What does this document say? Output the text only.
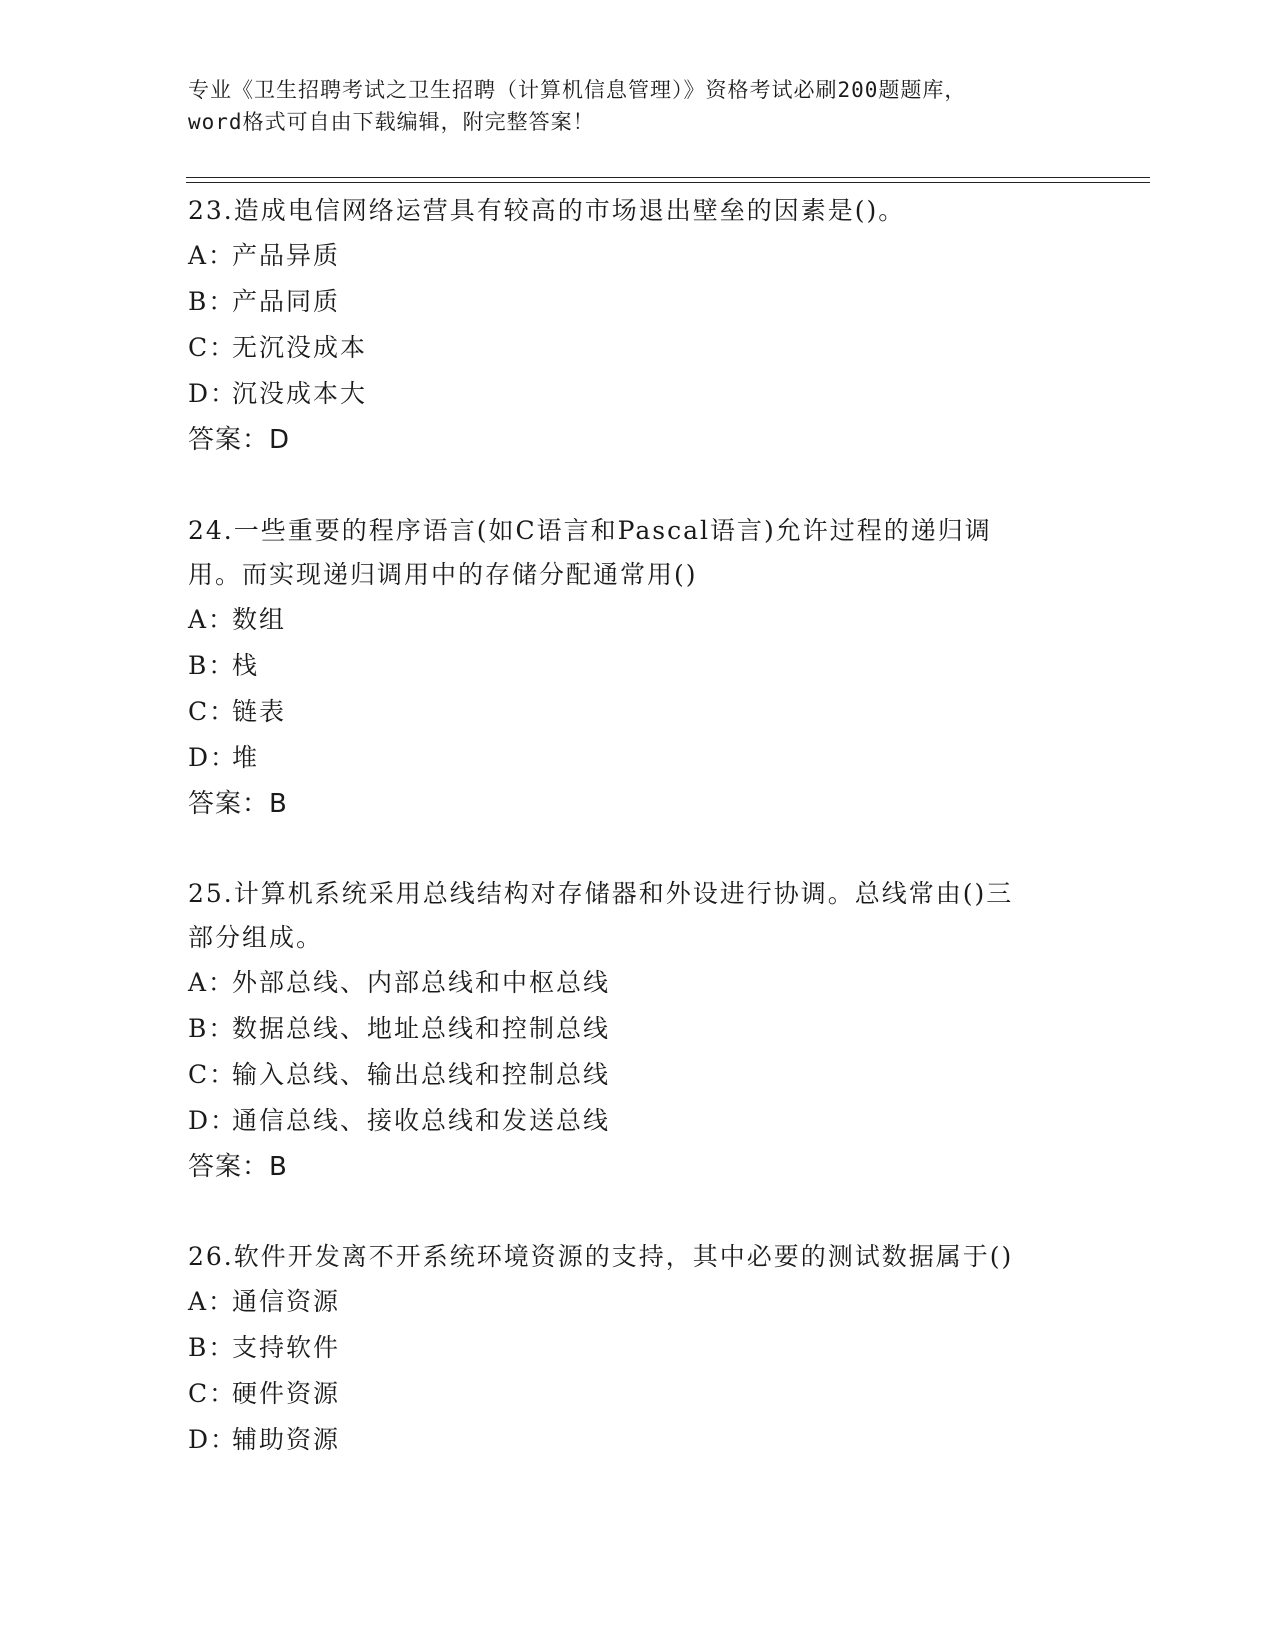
专业《卫生招聘考试之卫生招聘（计算机信息管理）》资格考试必刷200题题库，
word格式可自由下载编辑，附完整答案！

23.造成电信网络运营具有较高的市场退出壁垒的因素是()。

A：产品异质

B：产品同质

C：无沉没成本

D：沉没成本大

答案：D

24.一些重要的程序语言(如C语言和Pascal语言)允许过程的递归调

用。而实现递归调用中的存储分配通常用()

A：数组

B：栈

C：链表

D：堆

答案：B

25.计算机系统采用总线结构对存储器和外设进行协调。总线常由()三

部分组成。

A：外部总线、内部总线和中枢总线

B：数据总线、地址总线和控制总线

C：输入总线、输出总线和控制总线

D：通信总线、接收总线和发送总线

答案：B

26.软件开发离不开系统环境资源的支持，其中必要的测试数据属于()

A：通信资源

B：支持软件

C：硬件资源

D：辅助资源
